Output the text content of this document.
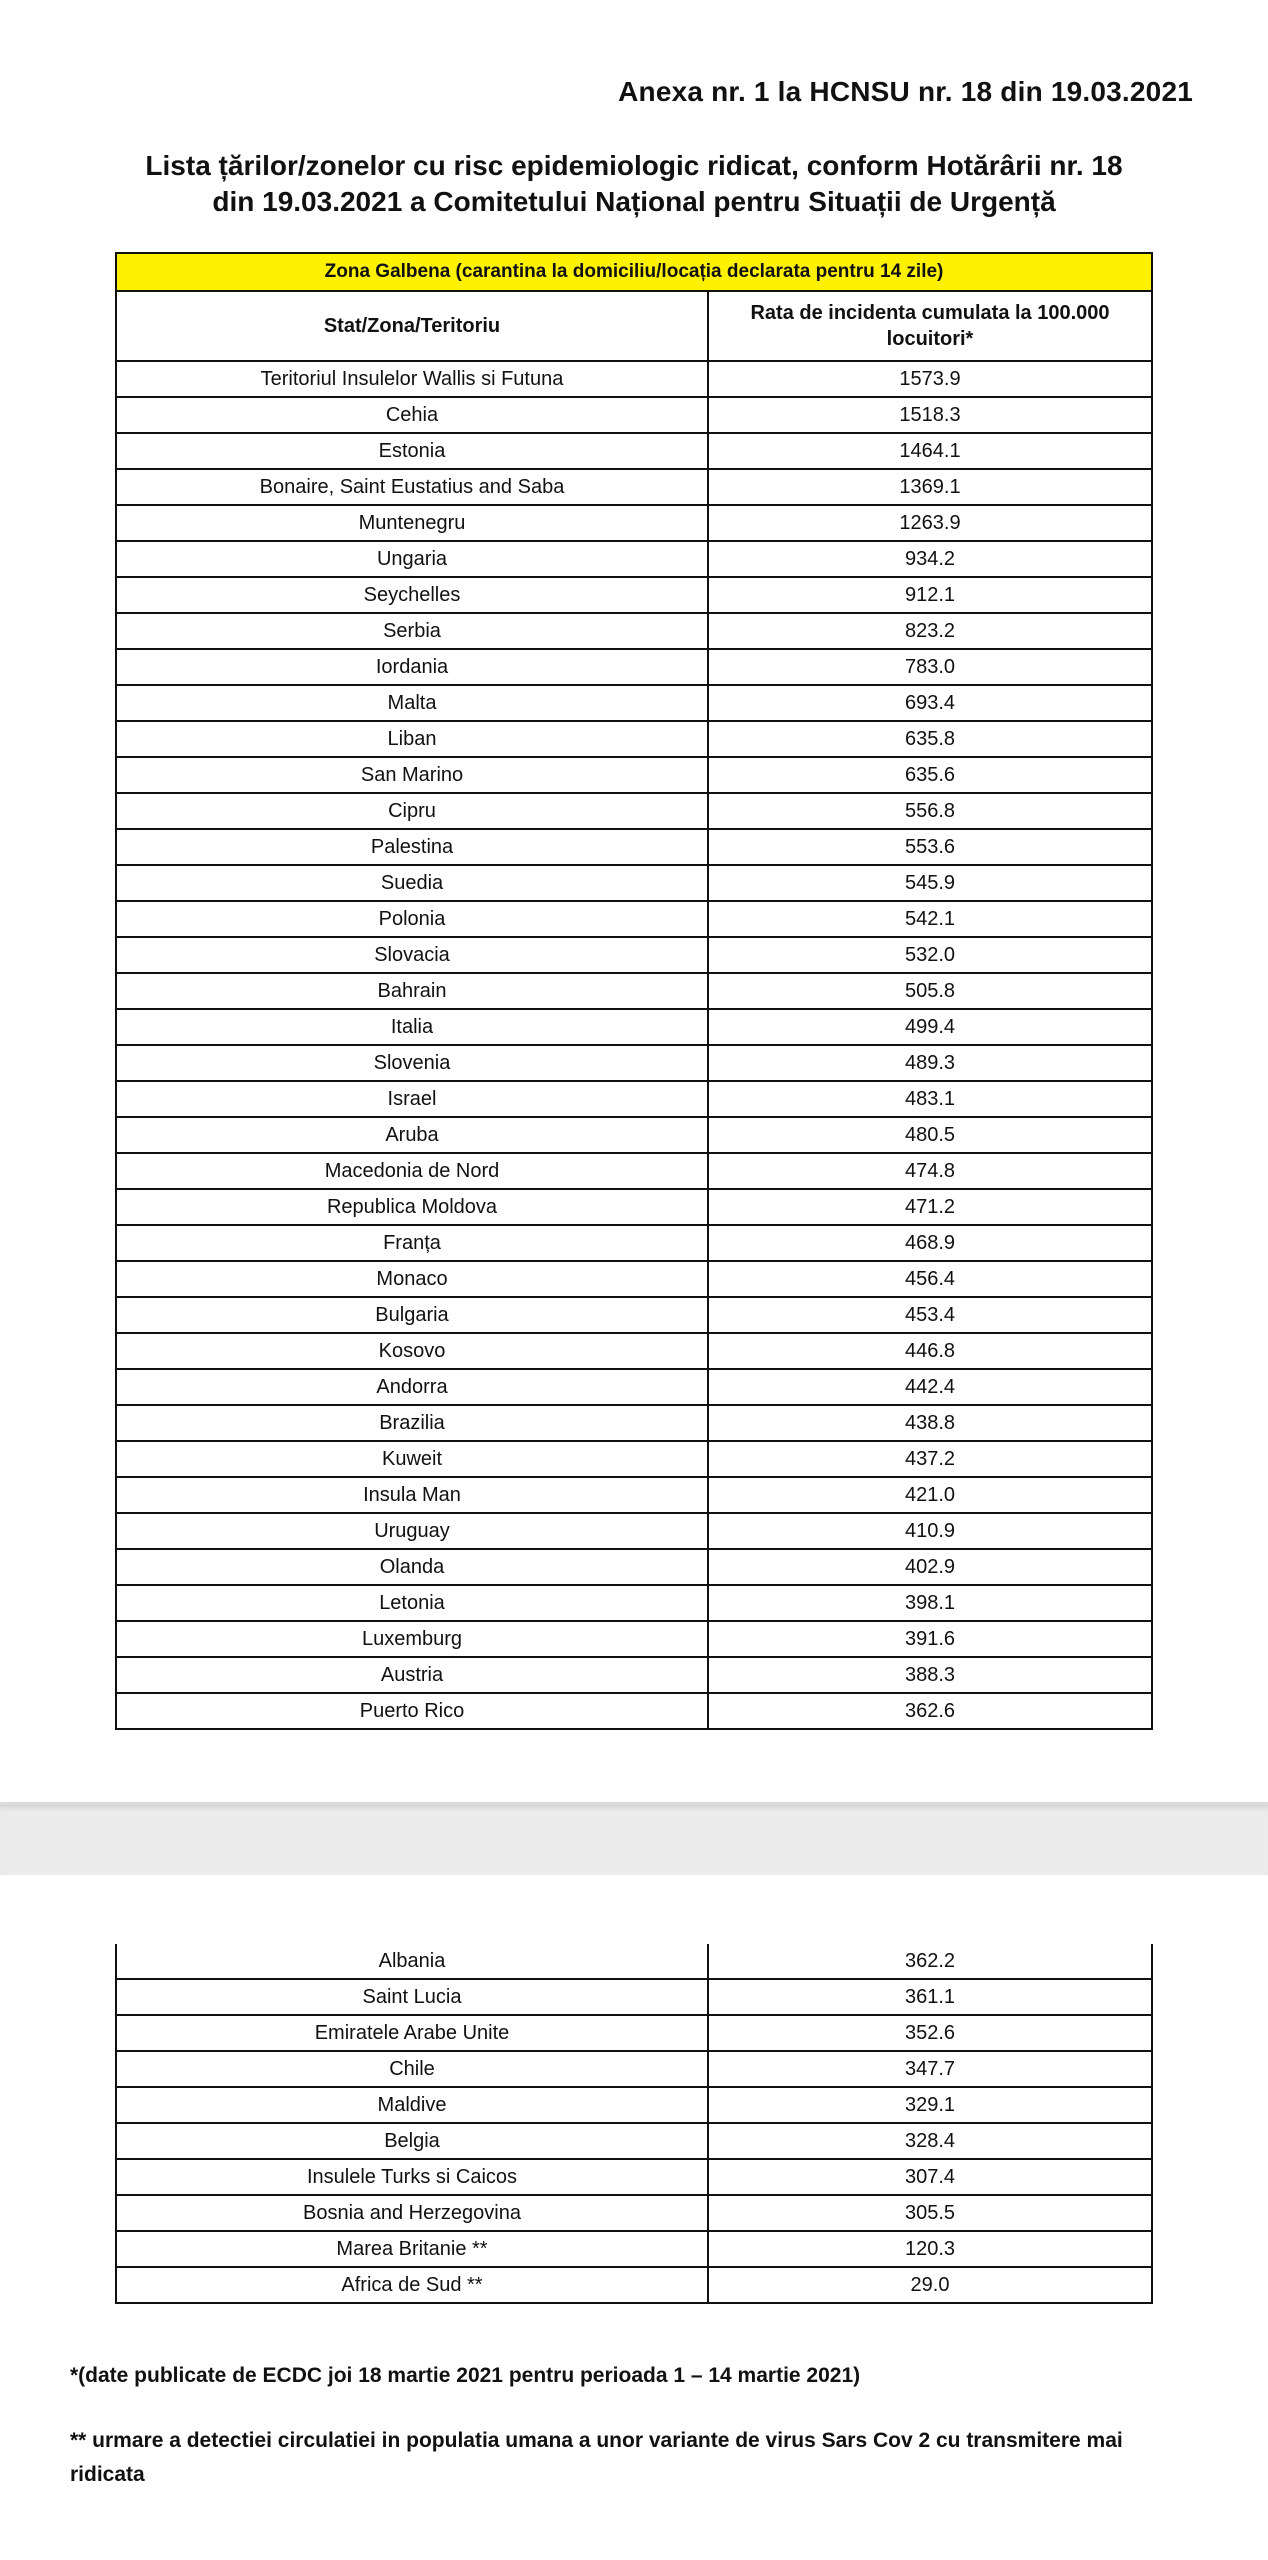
Anexa nr. 1 la HCNSU nr. 18 din 19.03.2021
Lista țărilor/zonelor cu risc epidemiologic ridicat, conform Hotărârii nr. 18
din 19.03.2021 a Comitetului Național pentru Situații de Urgență
Zona Galbena (carantina la domiciliu/locația declarata pentru 14 zile)	
Stat/Zona/Teritoriu	Rata de incidenta cumulata la 100.000
locuitori*

Teritoriul Insulelor Wallis si Futuna	1573.9
Cehia	1518.3
Estonia	1464.1
Bonaire, Saint Eustatius and Saba	1369.1
Muntenegru	1263.9
Ungaria	934.2
Seychelles	912.1
Serbia	823.2
Iordania	783.0
Malta	693.4
Liban	635.8
San Marino	635.6
Cipru	556.8
Palestina	553.6
Suedia	545.9
Polonia	542.1
Slovacia	532.0
Bahrain	505.8
Italia	499.4
Slovenia	489.3
Israel	483.1
Aruba	480.5
Macedonia de Nord	474.8
Republica Moldova	471.2
Franța	468.9
Monaco	456.4
Bulgaria	453.4
Kosovo	446.8
Andorra	442.4
Brazilia	438.8
Kuweit	437.2
Insula Man	421.0
Uruguay	410.9
Olanda	402.9
Letonia	398.1
Luxemburg	391.6
Austria	388.3
Puerto Rico	362.6
Albania	362.2
Saint Lucia	361.1
Emiratele Arabe Unite	352.6
Chile	347.7
Maldive	329.1
Belgia	328.4
Insulele Turks si Caicos	307.4
Bosnia and Herzegovina	305.5
Marea Britanie **	120.3
Africa de Sud **	29.0
*(date publicate de ECDC joi 18 martie 2021 pentru perioada 1 – 14 martie 2021)
** urmare a detectiei circulatiei in populatia umana a unor variante de virus Sars Cov 2 cu transmitere mai ridicata
